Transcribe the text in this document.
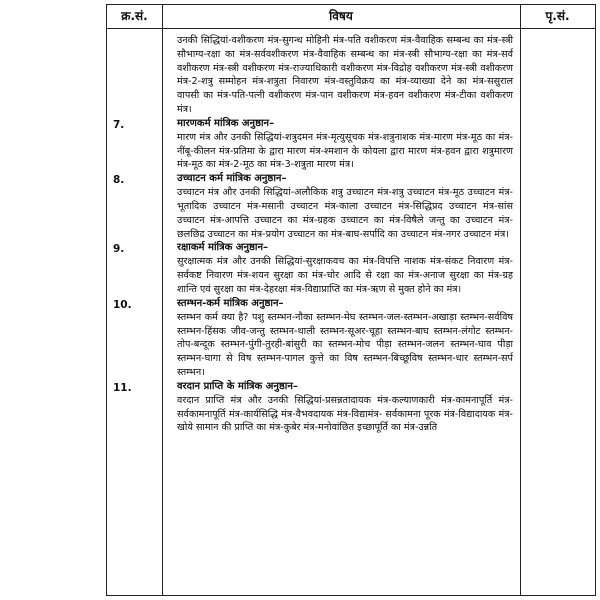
क्र.सं.	विषय	पृ.सं.

उनकी सिद्धियां-वशीकरण मंत्र-सुगन्ध मोहिनी मंत्र-पति वशीकरण मंत्र-वैवाहिक सम्बन्ध का मंत्र-स्त्री सौभाग्य-रक्षा का मंत्र-सर्ववशीकरण मंत्र-वैवाहिक सम्बन्ध का मंत्र-स्त्री सौभाग्य-रक्षा का मंत्र-सर्व वशीकरण मंत्र-स्त्री वशीकरण मंत्र-राज्याधिकारी वशीकरण मंत्र-विद्रोह वशीकरण मंत्र-स्त्री वशीकरण मंत्र-2-शत्रु सम्मोहन मंत्र-शत्रुता निवारण मंत्र-वस्तुविक्रय का मंत्र-व्याख्या देने का मंत्र-ससुराल वापसी का मंत्र-पति-पत्नी वशीकरण मंत्र-पान वशीकरण मंत्र-हवन वशीकरण मंत्र-टीका वशीकरण मंत्र।

7.	मारणकर्म मांत्रिक अनुष्ठान–

मारण मंत्र और उनकी सिद्धियां-शत्रुदमन मंत्र-मृत्युसूचक मंत्र-शत्रुनाशक मंत्र-मारण मंत्र-मूठ का मंत्र-नींबू-कीलन मंत्र-प्रतिमा के द्वारा मारण मंत्र-श्मशान के कोयला द्वारा मारण मंत्र-हवन द्वारा शत्रुमारण मंत्र-मूठ का मंत्र-2-मूठ का मंत्र-3-शत्रुता मारण मंत्र।

8.	उच्चाटन कर्म मांत्रिक अनुष्ठान–

उच्चाटन मंत्र और उनकी सिद्धियां-अलौकिक शत्रु उच्चाटन मंत्र-शत्रु उच्चाटन मंत्र-मूठ उच्चाटन मंत्र-भूतादिक उच्चाटन मंत्र-मसानी उच्चाटन मंत्र-काला उच्चाटन मंत्र-सिद्धिप्रद उच्चाटन मंत्र-सांस उच्चाटन मंत्र-आपत्ति उच्चाटन का मंत्र-ग्रहक उच्चाटन का मंत्र-विषैले जन्तु का उच्चाटन मंत्र-छलछिद्र उच्चाटन का मंत्र-प्रयोग उच्चाटन का मंत्र-बाघ-सर्पादि का उच्चाटन मंत्र-नगर उच्चाटन मंत्र।

9.	रक्षाकर्म मांत्रिक अनुष्ठान–

सुरक्षात्मक मंत्र और उनकी सिद्धियां-सुरक्षाकवच का मंत्र-विपत्ति नाशक मंत्र-संकट निवारण मंत्र-सर्वकष्ट निवारण मंत्र-शयन सुरक्षा का मंत्र-चोर आदि से रक्षा का मंत्र-अनाज सुरक्षा का मंत्र-ग्रह शान्ति एवं सुरक्षा का मंत्र-देहरक्षा मंत्र-विद्याप्राप्ति का मंत्र-ऋण से मुक्त होने का मंत्र।

10.	स्तम्भन-कर्म मांत्रिक अनुष्ठान–

स्तम्भन कर्म क्या है? पशु स्तम्भन-नौका स्तम्भन-मेघ स्तम्भन-जल-स्तम्भन-अखाड़ा स्तम्भन-सर्वविष स्तम्भन-हिंसक जीव-जन्तु स्तम्भन-थाली स्तम्भन-सूअर-चूहा स्तम्भन-बाघ स्तम्भन-लंगोट स्तम्भन-तोप-बन्दूक स्तम्भन-पुंगी-तुरही-बांसुरी का स्तम्भन-मोच पीड़ा स्तम्भन-जलन स्तम्भन-घाव पीड़ा स्तम्भन-घागा से विष स्तम्भन-पागल कुत्ते का विष स्तम्भन-बिच्छूविष स्तम्भन-धार स्तम्भन-सर्प स्तम्भन।

11.	वरदान प्राप्ति के मांत्रिक अनुष्ठान–

वरदान प्राप्ति मंत्र और उनकी सिद्धियां-प्रसन्नतादायक मंत्र-कल्याणकारी मंत्र-कामनापूर्ति मंत्र-सर्वकामनापूर्ति मंत्र-कार्यसिद्धि मंत्र-वैभवदायक मंत्र-विद्यामंत्र- सर्वकामना पूरक मंत्र-विद्यादायक मंत्र-खोये सामान की प्राप्ति का मंत्र-कुबेर मंत्र-मनोवांछित इच्छापूर्ति का मंत्र-उन्नति
